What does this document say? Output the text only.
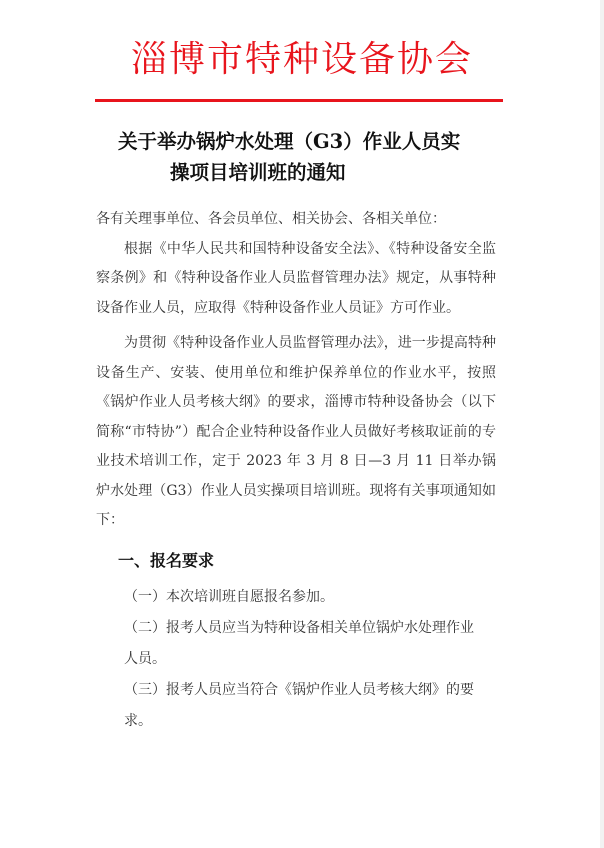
淄博市特种设备协会
关于举办锅炉水处理（G3）作业人员实
操项目培训班的通知

各有关理事单位、各会员单位、相关协会、各相关单位：

根据《中华人民共和国特种设备安全法》、《特种设备安全监察条例》和《特种设备作业人员监督管理办法》规定，从事特种设备作业人员，应取得《特种设备作业人员证》方可作业。

为贯彻《特种设备作业人员监督管理办法》，进一步提高特种设备生产、安装、使用单位和维护保养单位的作业水平，按照《锅炉作业人员考核大纲》的要求，淄博市特种设备协会（以下简称“市特协”）配合企业特种设备作业人员做好考核取证前的专业技术培训工作，定于 2023 年 3 月 8 日—3 月 11 日举办锅炉水处理（G3）作业人员实操项目培训班。现将有关事项通知如下：

一、报名要求
（一）本次培训班自愿报名参加。
（二）报考人员应当为特种设备相关单位锅炉水处理作业
人员。
（三）报考人员应当符合《锅炉作业人员考核大纲》的要
求。
